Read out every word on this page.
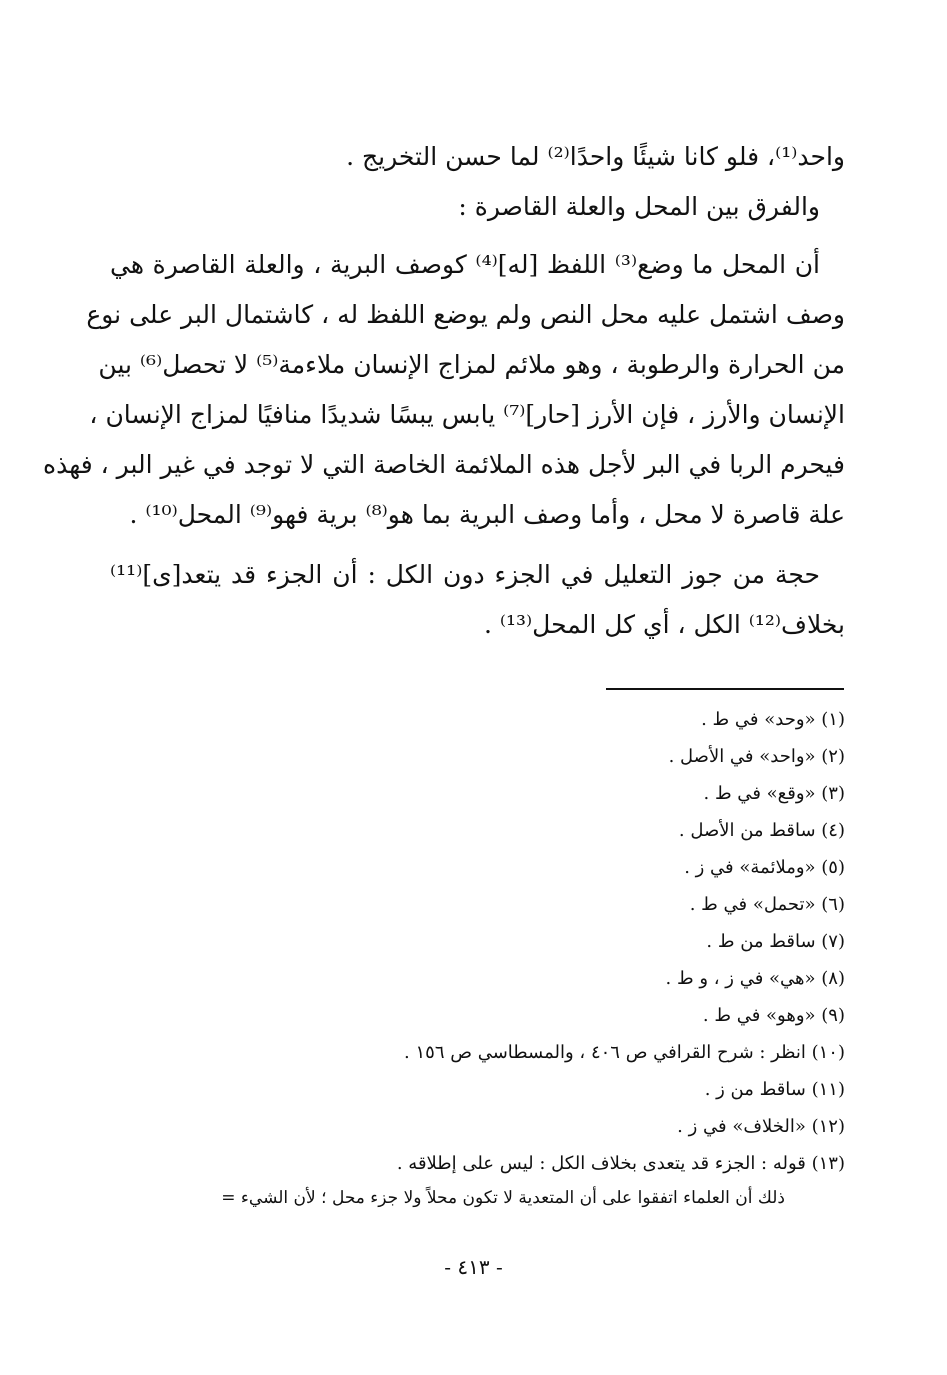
واحد⁽¹⁾، فلو كانا شيئًا واحدًا⁽²⁾ لما حسن التخريج .
والفرق بين المحل والعلة القاصرة :
أن المحل ما وضع⁽³⁾ اللفظ [له]⁽⁴⁾ كوصف البرية ، والعلة القاصرة هي
وصف اشتمل عليه محل النص ولم يوضع اللفظ له ، كاشتمال البر على نوع
من الحرارة والرطوبة ، وهو ملائم لمزاج الإنسان ملاءمة⁽⁵⁾ لا تحصل⁽⁶⁾ بين
الإنسان والأرز ، فإن الأرز [حار]⁽⁷⁾ يابس يبسًا شديدًا منافيًا لمزاج الإنسان ،
فيحرم الربا في البر لأجل هذه الملائمة الخاصة التي لا توجد في غير البر ، فهذه
علة قاصرة لا محل ، وأما وصف البرية بما هو⁽⁸⁾ برية فهو⁽⁹⁾ المحل⁽¹⁰⁾ .
حجة من جوز التعليل في الجزء دون الكل : أن الجزء قد يتعد[ى]⁽¹¹⁾
بخلاف⁽¹²⁾ الكل ، أي كل المحل⁽¹³⁾ .
(١) «وحد» في ط .
(٢) «واحد» في الأصل .
(٣) «وقع» في ط .
(٤) ساقط من الأصل .
(٥) «وملائمة» في ز .
(٦) «تحمل» في ط .
(٧) ساقط من ط .
(٨) «هي» في ز ، و ط .
(٩) «وهو» في ط .
(١٠) انظر : شرح القرافي ص ٤٠٦ ، والمسطاسي ص ١٥٦ .
(١١) ساقط من ز .
(١٢) «الخلاف» في ز .
(١٣) قوله : الجزء قد يتعدى بخلاف الكل : ليس على إطلاقه .
ذلك أن العلماء اتفقوا على أن المتعدية لا تكون محلاً ولا جزء محل ؛ لأن الشيء =
- ٤١٣ -
